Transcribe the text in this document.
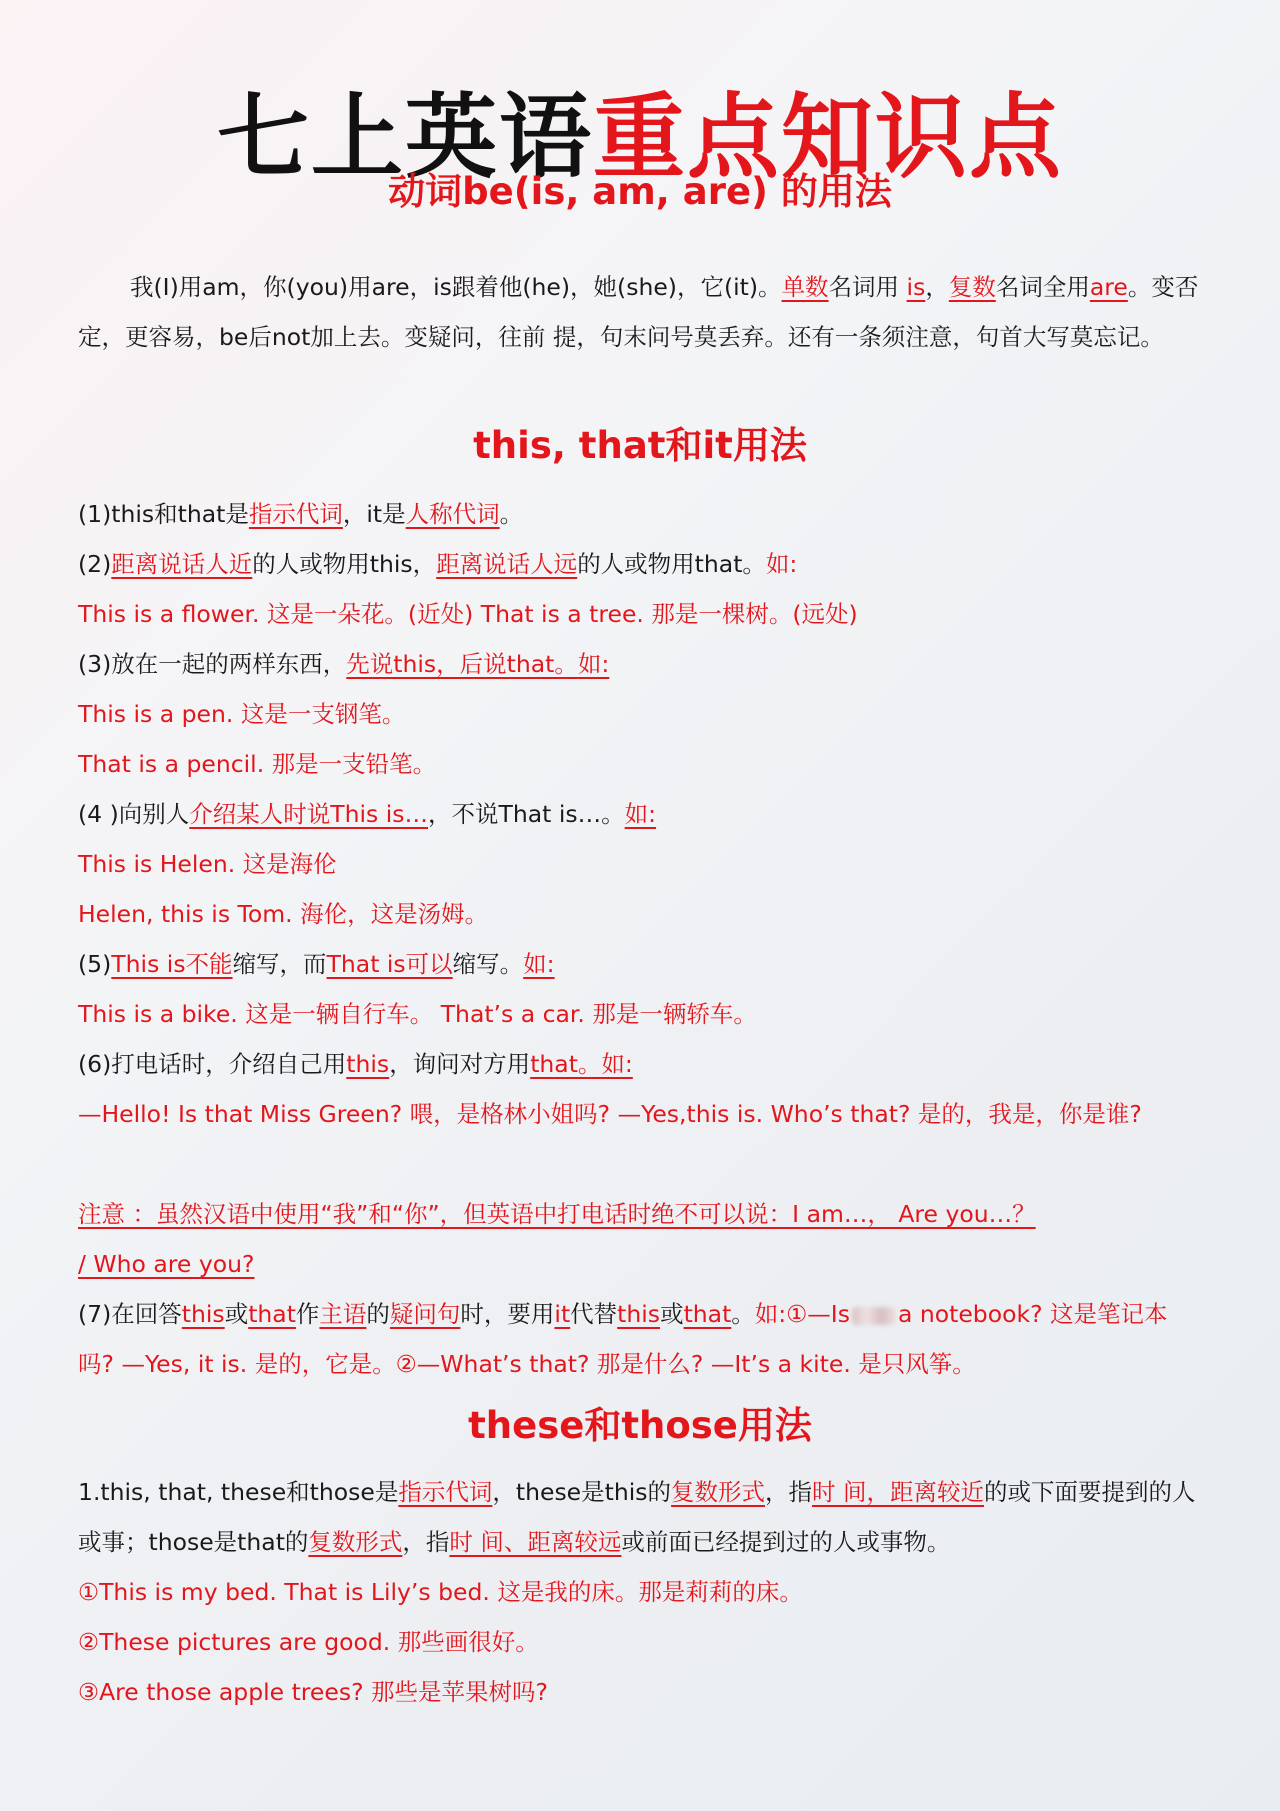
七上英语重点知识点
动词be(is, am, are) 的用法
我(I)用am，你(you)用are，is跟着他(he)，她(she)，它(it)。单数名词用 is，复数名词全用are。变否定，更容易，be后not加上去。变疑问，往前 提，句末问号莫丢弃。还有一条须注意，句首大写莫忘记。
this, that和it用法
(1)this和that是指示代词，it是人称代词。
(2)距离说话人近的人或物用this，距离说话人远的人或物用that。如:
This is a flower. 这是一朵花。(近处) That is a tree. 那是一棵树。(远处)
(3)放在一起的两样东西，先说this，后说that。如:
This is a pen. 这是一支钢笔。
That is a pencil. 那是一支铅笔。
(4 )向别人介绍某人时说This is…，不说That is…。如:
This is Helen. 这是海伦
Helen, this is Tom. 海伦，这是汤姆。
(5)This is不能缩写，而That is可以缩写。如:
This is a bike. 这是一辆自行车。 That’s a car. 那是一辆轿车。
(6)打电话时，介绍自己用this，询问对方用that。如:
—Hello! Is that Miss Green? 喂，是格林小姐吗? —Yes,this is. Who’s that? 是的，我是，你是谁?
注意 ：虽然汉语中使用“我”和“你”，但英语中打电话时绝不可以说：I am…， Are you…？
/ Who are you?
(7)在回答this或that作主语的疑问句时，要用it代替this或that。如:①—Is a notebook? 这是笔记本吗? —Yes, it is. 是的，它是。②—What’s that? 那是什么? —It’s a kite. 是只风筝。
these和those用法
1.this, that, these和those是指示代词，these是this的复数形式，指时 间，距离较近的或下面要提到的人或事；those是that的复数形式，指时 间、距离较远或前面已经提到过的人或事物。
①This is my bed. That is Lily’s bed. 这是我的床。那是莉莉的床。
②These pictures are good. 那些画很好。
③Are those apple trees? 那些是苹果树吗?
